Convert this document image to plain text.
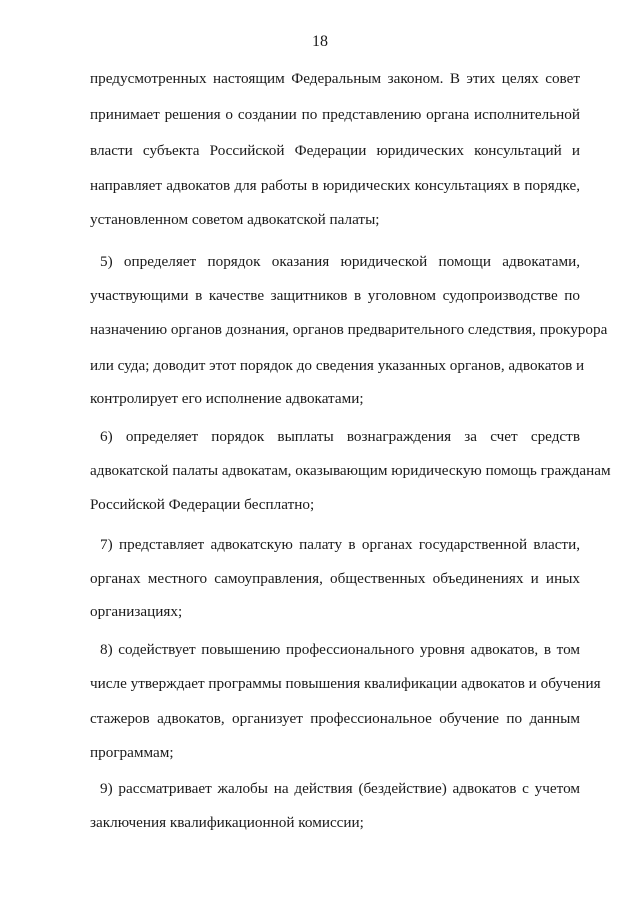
18
предусмотренных настоящим Федеральным законом. В этих целях совет
принимает решения о создании по представлению органа исполнительной
власти субъекта Российской Федерации юридических консультаций и
направляет адвокатов для работы в юридических консультациях в порядке,
установленном советом адвокатской палаты;
5) определяет порядок оказания юридической помощи адвокатами,
участвующими в качестве защитников в уголовном судопроизводстве по
назначению органов дознания, органов предварительного следствия, прокурора
или суда; доводит этот порядок до сведения указанных органов, адвокатов и
контролирует его исполнение адвокатами;
6) определяет порядок выплаты вознаграждения за счет средств
адвокатской палаты адвокатам, оказывающим юридическую помощь гражданам
Российской Федерации бесплатно;
7) представляет адвокатскую палату в органах государственной власти,
органах местного самоуправления, общественных объединениях и иных
организациях;
8) содействует повышению профессионального уровня адвокатов, в том
числе утверждает программы повышения квалификации адвокатов и обучения
стажеров адвокатов, организует профессиональное обучение по данным
программам;
9) рассматривает жалобы на действия (бездействие) адвокатов с учетом
заключения квалификационной комиссии;
